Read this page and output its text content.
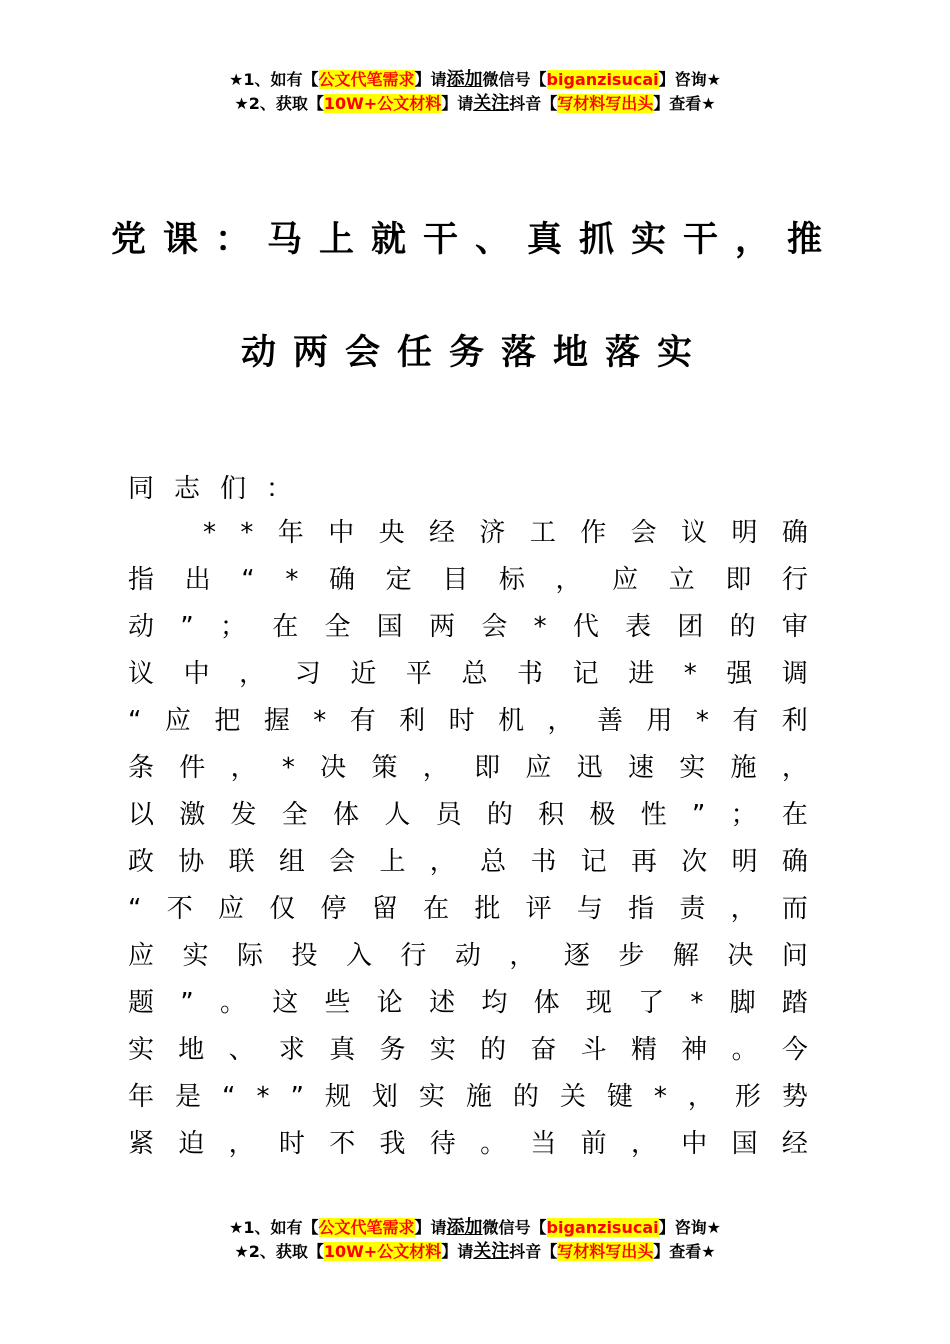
★1、如有【公文代笔需求】请添加微信号【biganzisucai】咨询★
★2、获取【10W+公文材料】请关注抖音【写材料写出头】查看★
党课：马上就干、真抓实干，推
动两会任务落地落实
同志们：
* * 年 中 央 经 济 工 作 会 议 明 确
指 出 “ * 确 定 目 标 ， 应 立 即 行
动 ” ； 在 全 国 两 会 * 代 表 团 的 审
议 中 ， 习 近 平 总 书 记 进 * 强 调
“ 应 把 握 * 有 利 时 机 ， 善 用 * 有 利
条 件 ， * 决 策 ， 即 应 迅 速 实 施 ，
以 激 发 全 体 人 员 的 积 极 性 ” ； 在
政 协 联 组 会 上 ， 总 书 记 再 次 明 确
“ 不 应 仅 停 留 在 批 评 与 指 责 ， 而
应 实 际 投 入 行 动 ， 逐 步 解 决 问
题 ” 。 这 些 论 述 均 体 现 了 * 脚 踏
实 地 、 求 真 务 实 的 奋 斗 精 神 。 今
年 是 “ * ” 规 划 实 施 的 关 键 * ， 形 势
紧 迫 ， 时 不 我 待 。 当 前 ， 中 国 经
★1、如有【公文代笔需求】请添加微信号【biganzisucai】咨询★
★2、获取【10W+公文材料】请关注抖音【写材料写出头】查看★
